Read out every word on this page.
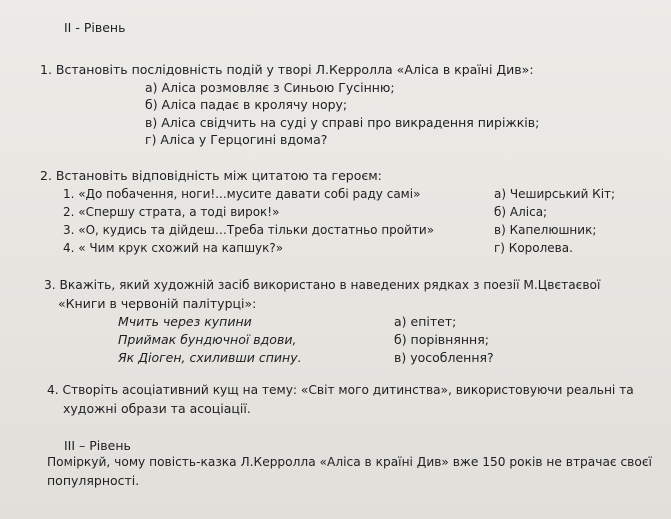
II - Рівень
1. Встановіть послідовність подій у творі Л.Керролла «Аліса в країні Див»:
а) Аліса розмовляє з Синьою Гусінню;
б) Аліса падає в кролячу нору;
в) Аліса свідчить на суді у справі про викрадення пиріжків;
г) Аліса у Герцогині вдома?
2. Встановіть відповідність між цитатою та героєм:
1. «До побачення, ноги!...мусите давати собі раду самі»
2. «Спершу страта, а тоді вирок!»
3. «О, кудись та дійдеш…Треба тільки достатньо пройти»
4. « Чим крук схожий на капшук?»
а) Чеширський Кіт;
б) Аліса;
в) Капелюшник;
г) Королева.
3. Вкажіть, який художній засіб використано в наведених рядках з поезії М.Цвєтаєвої
«Книги в червоній палітурці»:
Мчить через купини
Приймак бундючної вдови,
Як Діоген, схиливши спину.
а) епітет;
б) порівняння;
в) уособлення?
4. Створіть асоціативний кущ на тему: «Світ мого дитинства», використовуючи реальні та
художні образи та асоціації.
III – Рівень
Поміркуй, чому повість-казка Л.Керролла «Аліса в країні Див» вже 150 років не втрачає своєї
популярності.
